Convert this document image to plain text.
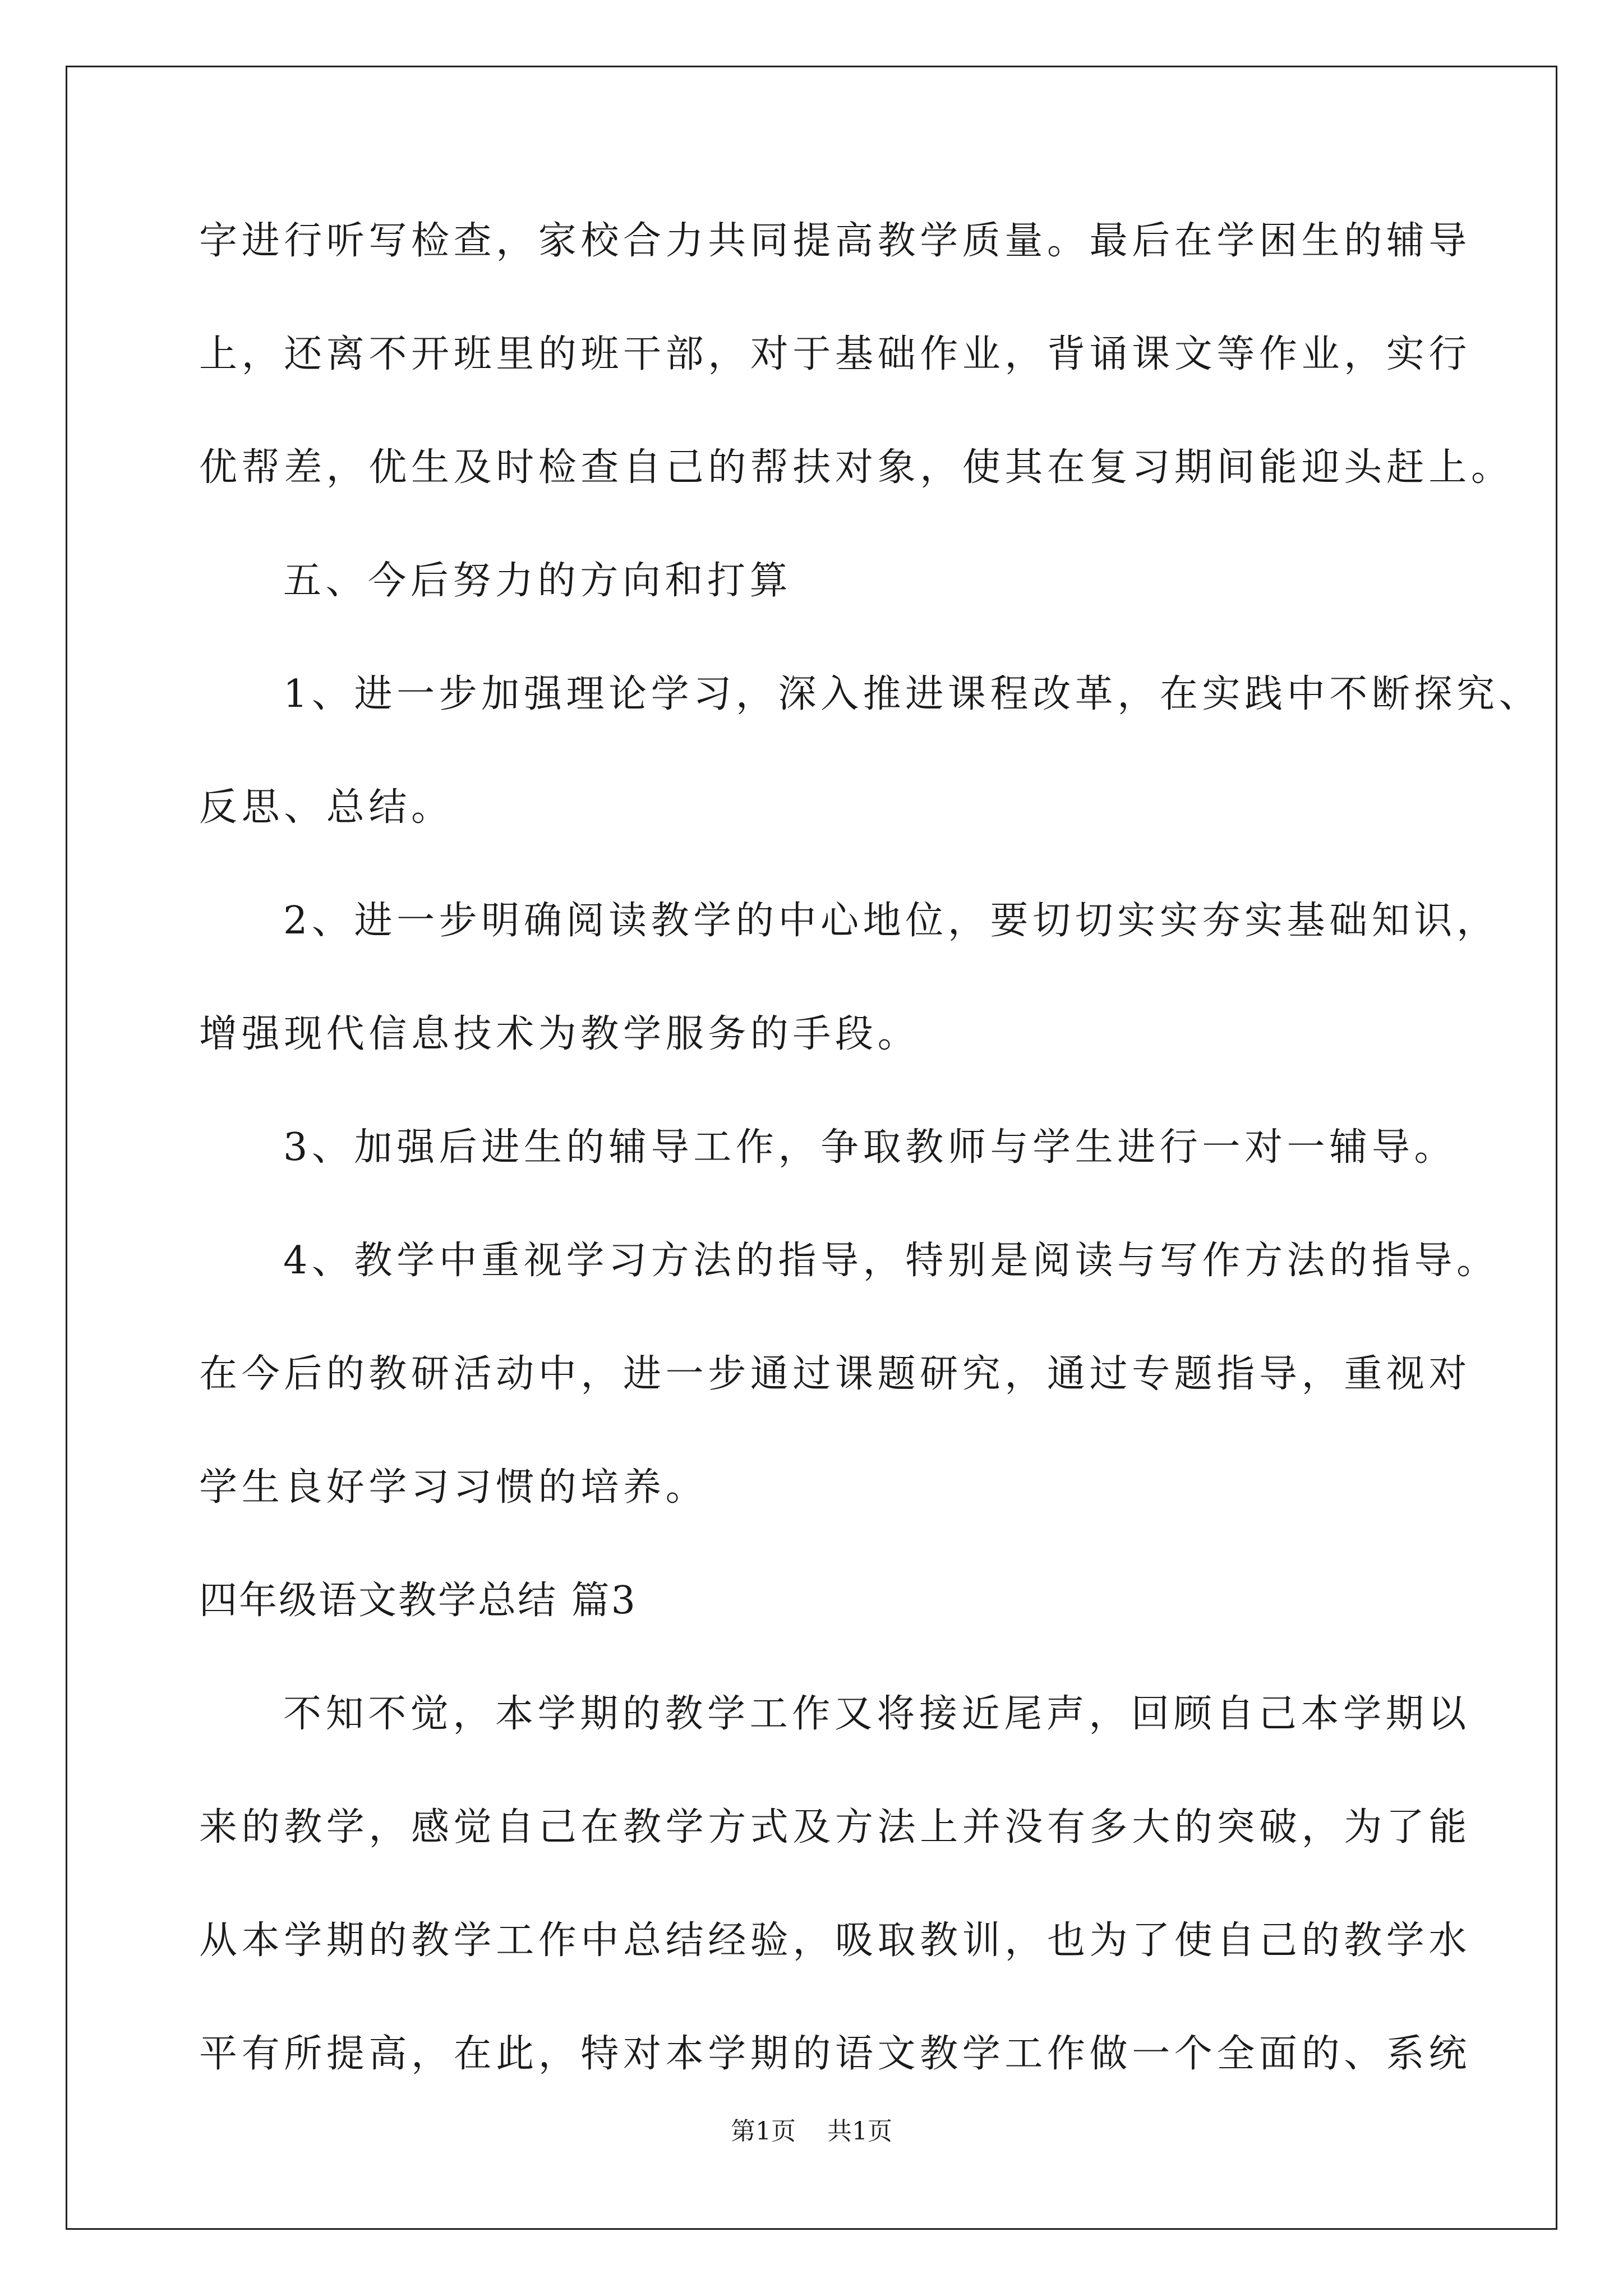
字进行听写检查，家校合力共同提高教学质量。最后在学困生的辅导
上，还离不开班里的班干部，对于基础作业，背诵课文等作业，实行
优帮差，优生及时检查自己的帮扶对象，使其在复习期间能迎头赶上。
五、今后努力的方向和打算
1、进一步加强理论学习，深入推进课程改革，在实践中不断探究、
反思、总结。
2、进一步明确阅读教学的中心地位，要切切实实夯实基础知识，
增强现代信息技术为教学服务的手段。
3、加强后进生的辅导工作，争取教师与学生进行一对一辅导。
4、教学中重视学习方法的指导，特别是阅读与写作方法的指导。
在今后的教研活动中，进一步通过课题研究，通过专题指导，重视对
学生良好学习习惯的培养。
四年级语文教学总结 篇3
不知不觉，本学期的教学工作又将接近尾声，回顾自己本学期以
来的教学，感觉自己在教学方式及方法上并没有多大的突破，为了能
从本学期的教学工作中总结经验，吸取教训，也为了使自己的教学水
平有所提高，在此，特对本学期的语文教学工作做一个全面的、系统
第1页 共1页
